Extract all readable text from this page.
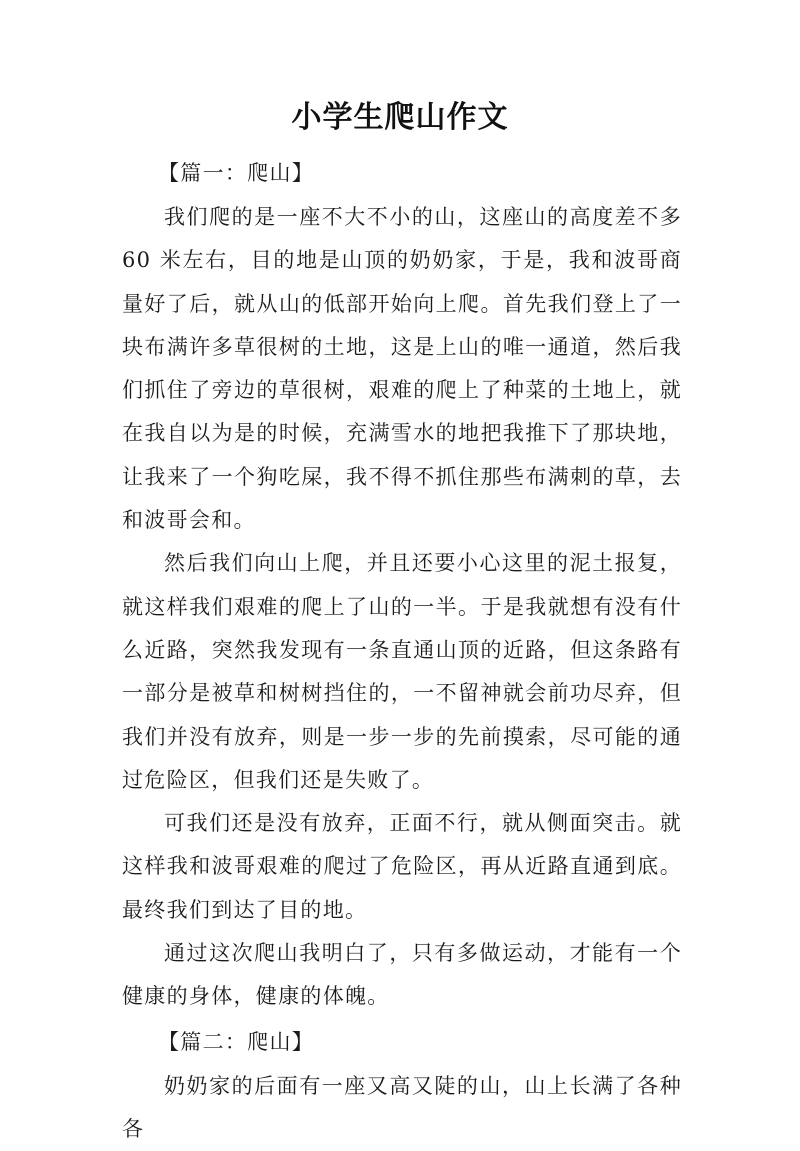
小学生爬山作文
【篇一：爬山】

我们爬的是一座不大不小的山，这座山的高度差不多 60 米左右，目的地是山顶的奶奶家，于是，我和波哥商量好了后，就从山的低部开始向上爬。首先我们登上了一块布满许多草很树的土地，这是上山的唯一通道，然后我们抓住了旁边的草很树，艰难的爬上了种菜的土地上，就在我自以为是的时候，充满雪水的地把我推下了那块地，让我来了一个狗吃屎，我不得不抓住那些布满刺的草，去和波哥会和。

然后我们向山上爬，并且还要小心这里的泥土报复，就这样我们艰难的爬上了山的一半。于是我就想有没有什么近路，突然我发现有一条直通山顶的近路，但这条路有一部分是被草和树树挡住的，一不留神就会前功尽弃，但我们并没有放弃，则是一步一步的先前摸索，尽可能的通过危险区，但我们还是失败了。

可我们还是没有放弃，正面不行，就从侧面突击。就这样我和波哥艰难的爬过了危险区，再从近路直通到底。最终我们到达了目的地。

通过这次爬山我明白了，只有多做运动，才能有一个健康的身体，健康的体魄。

【篇二：爬山】

奶奶家的后面有一座又高又陡的山，山上长满了各种各
